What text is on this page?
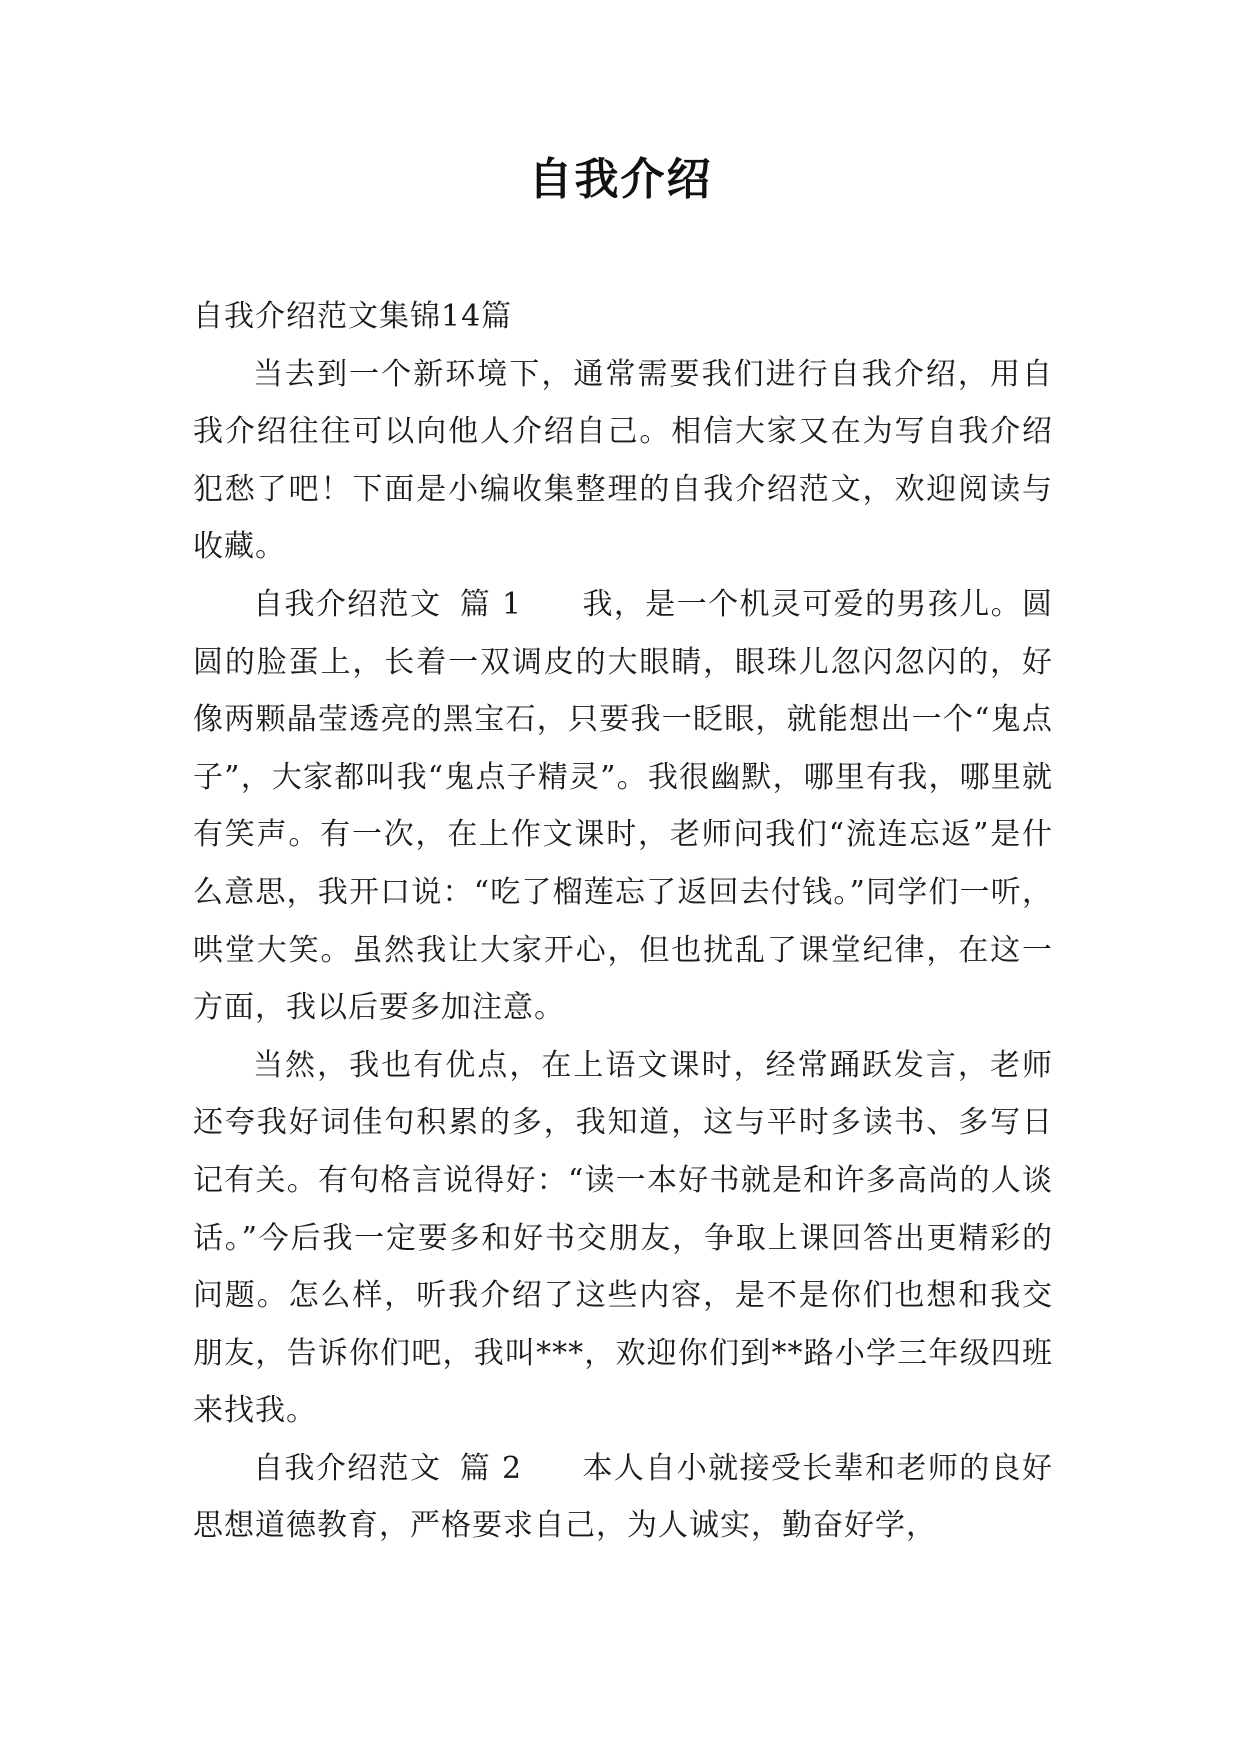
自我介绍

自我介绍范文集锦14篇

当去到一个新环境下，通常需要我们进行自我介绍，用自我介绍往往可以向他人介绍自己。相信大家又在为写自我介绍犯愁了吧！下面是小编收集整理的自我介绍范文，欢迎阅读与收藏。

自我介绍范文 篇 1 我，是一个机灵可爱的男孩儿。圆圆的脸蛋上，长着一双调皮的大眼睛，眼珠儿忽闪忽闪的，好像两颗晶莹透亮的黑宝石，只要我一眨眼，就能想出一个“鬼点子”，大家都叫我“鬼点子精灵”。我很幽默，哪里有我，哪里就有笑声。有一次，在上作文课时，老师问我们“流连忘返”是什么意思，我开口说：“吃了榴莲忘了返回去付钱。”同学们一听，哄堂大笑。虽然我让大家开心，但也扰乱了课堂纪律，在这一方面，我以后要多加注意。

当然，我也有优点，在上语文课时，经常踊跃发言，老师还夸我好词佳句积累的多，我知道，这与平时多读书、多写日记有关。有句格言说得好：“读一本好书就是和许多高尚的人谈话。”今后我一定要多和好书交朋友，争取上课回答出更精彩的问题。怎么样，听我介绍了这些内容，是不是你们也想和我交朋友，告诉你们吧，我叫***，欢迎你们到**路小学三年级四班来找我。

自我介绍范文 篇 2 本人自小就接受长辈和老师的良好思想道德教育，严格要求自己，为人诚实，勤奋好学，
